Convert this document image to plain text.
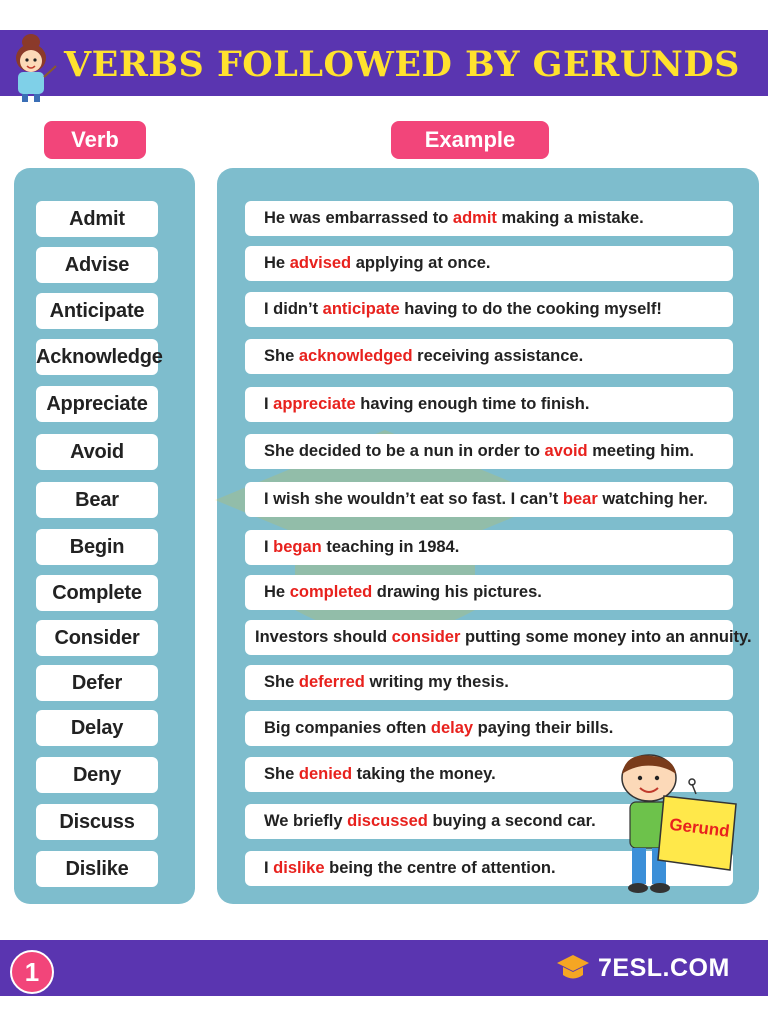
VERBS FOLLOWED BY GERUNDS
Verb	Example
Admit
Advise
Anticipate
Acknowledge
Appreciate
Avoid
Bear
Begin
Complete
Consider
Defer
Delay
Deny
Discuss
Dislike
He was embarrassed to admit making a mistake.
He advised applying at once.
I didn’t anticipate having to do the cooking myself!
She acknowledged receiving assistance.
I appreciate having enough time to finish.
She decided to be a nun in order to avoid meeting him.
I wish she wouldn’t eat so fast. I can’t bear watching her.
I began teaching in 1984.
He completed drawing his pictures.
Investors should consider putting some money into an annuity.
She deferred writing my thesis.
Big companies often delay paying their bills.
She denied taking the money.
We briefly discussed buying a second car.
I dislike being the centre of attention.
Gerund
1	7ESL.COM
